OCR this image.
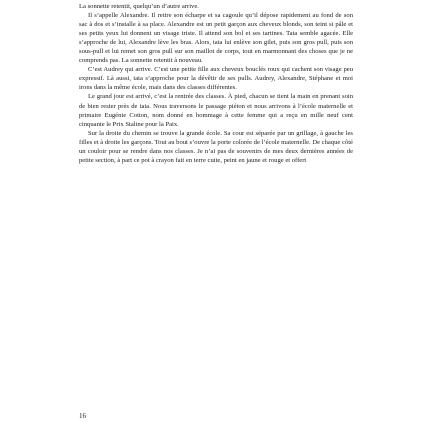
La sonnette retentit, quelqu’un d’autre arrive.

Il s’appelle Alexandre. Il retire son écharpe et sa cagoule qu’il dépose rapidement au fond de son sac à dos et s’installe à sa place. Alexandre est un petit garçon aux cheveux blonds, son teint si pâle et ses petits yeux lui donnent un visage triste. Il attend son bol et ses tartines. Tata semble agacée. Elle s’approche de lui, Alexandre lève les bras. Alors, tata lui enlève son gilet, puis son gros pull, puis son sous-pull et lui remet son gros pull sur son maillot de corps, tout en marmonnant des choses que je ne comprends pas. La sonnette retentit à nouveau.

C’est Audrey qui arrive. C’est une petite fille aux cheveux bouclés roux qui cachent son visage peu expressif. Là aussi, tata s’approche pour la dévêtir de ses pulls. Audrey, Alexandre, Stéphane et moi irons dans la même école, mais dans des classes différentes.

Le grand jour est arrivé, c’est la rentrée des classes. À pied, chacun se tient la main en prenant soin de bien rester près de tata. Nous traversons le passage piéton et nous arrivons à l’école maternelle et primaire Eugénie Cotton, nom donné en hommage à cette femme qui a reçu en mille neuf cent cinquante le Prix Staline pour la Paix.

Sur la droite du chemin se trouve la grande école. Sa cour est séparée par un grillage, à gauche les filles et à droite les garçons. Tout au bout s’ouvre la porte colorée de l’école maternelle. De chaque côté un couloir pour se rendre dans nos classes. Je n’ai pas de souvenirs de mes deux dernières années de petite section, à part ce pot à crayon fait en terre cuite, peint en jaune et rouge et offert

16
